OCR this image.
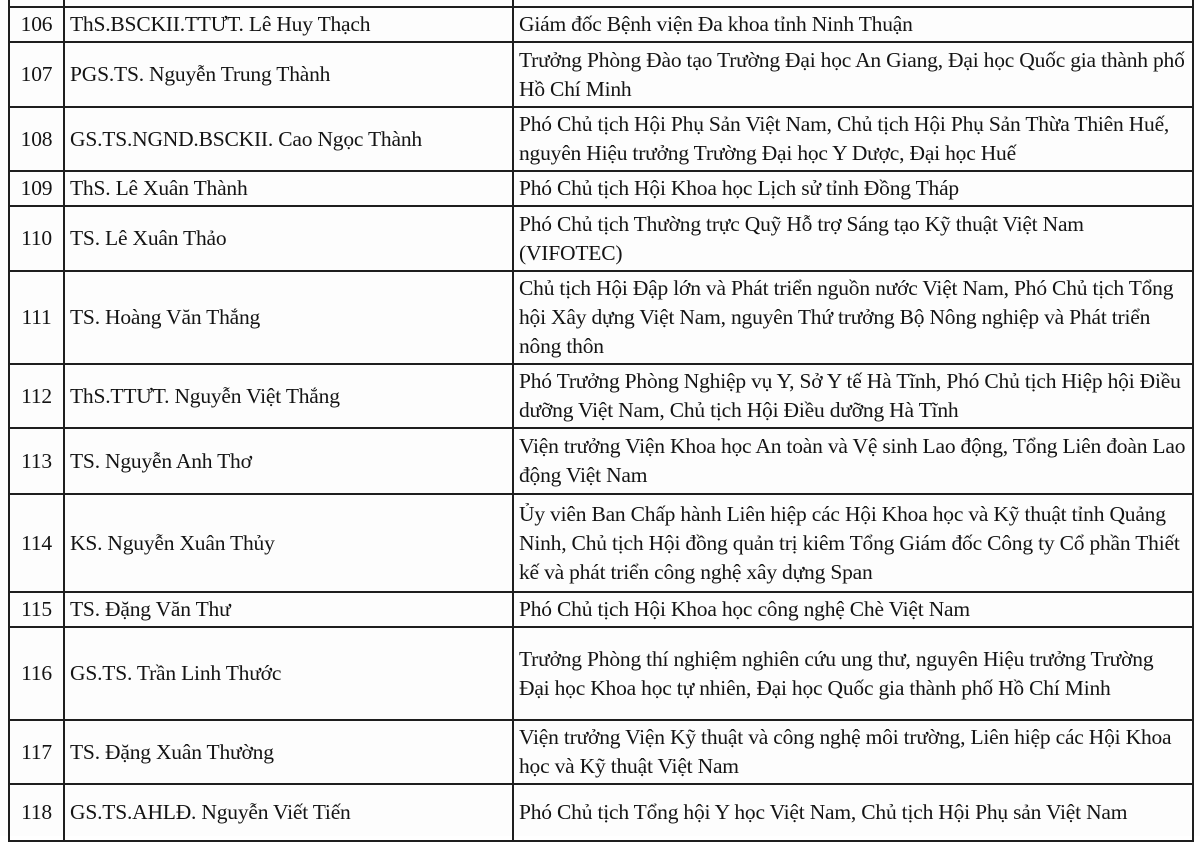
106	ThS.BSCKII.TTƯT. Lê Huy Thạch	Giám đốc Bệnh viện Đa khoa tỉnh Ninh Thuận
107	PGS.TS. Nguyễn Trung Thành	Trưởng Phòng Đào tạo Trường Đại học An Giang, Đại học Quốc gia thành phố Hồ Chí Minh
108	GS.TS.NGND.BSCKII. Cao Ngọc Thành	Phó Chủ tịch Hội Phụ Sản Việt Nam, Chủ tịch Hội Phụ Sản Thừa Thiên Huế, nguyên Hiệu trưởng Trường Đại học Y Dược, Đại học Huế
109	ThS. Lê Xuân Thành	Phó Chủ tịch Hội Khoa học Lịch sử tỉnh Đồng Tháp
110	TS. Lê Xuân Thảo	Phó Chủ tịch Thường trực Quỹ Hỗ trợ Sáng tạo Kỹ thuật Việt Nam (VIFOTEC)
111	TS. Hoàng Văn Thắng	Chủ tịch Hội Đập lớn và Phát triển nguồn nước Việt Nam, Phó Chủ tịch Tổng hội Xây dựng Việt Nam, nguyên Thứ trưởng Bộ Nông nghiệp và Phát triển nông thôn
112	ThS.TTƯT. Nguyễn Việt Thắng	Phó Trưởng Phòng Nghiệp vụ Y, Sở Y tế Hà Tĩnh, Phó Chủ tịch Hiệp hội Điều dưỡng Việt Nam, Chủ tịch Hội Điều dưỡng Hà Tĩnh
113	TS. Nguyễn Anh Thơ	Viện trưởng Viện Khoa học An toàn và Vệ sinh Lao động, Tổng Liên đoàn Lao động Việt Nam
114	KS. Nguyễn Xuân Thủy	Ủy viên Ban Chấp hành Liên hiệp các Hội Khoa học và Kỹ thuật tỉnh Quảng Ninh, Chủ tịch Hội đồng quản trị kiêm Tổng Giám đốc Công ty Cổ phần Thiết kế và phát triển công nghệ xây dựng Span
115	TS. Đặng Văn Thư	Phó Chủ tịch Hội Khoa học công nghệ Chè Việt Nam
116	GS.TS. Trần Linh Thước	Trưởng Phòng thí nghiệm nghiên cứu ung thư, nguyên Hiệu trưởng Trường Đại học Khoa học tự nhiên, Đại học Quốc gia thành phố Hồ Chí Minh
117	TS. Đặng Xuân Thường	Viện trưởng Viện Kỹ thuật và công nghệ môi trường, Liên hiệp các Hội Khoa học và Kỹ thuật Việt Nam
118	GS.TS.AHLĐ. Nguyễn Viết Tiến	Phó Chủ tịch Tổng hội Y học Việt Nam, Chủ tịch Hội Phụ sản Việt Nam
